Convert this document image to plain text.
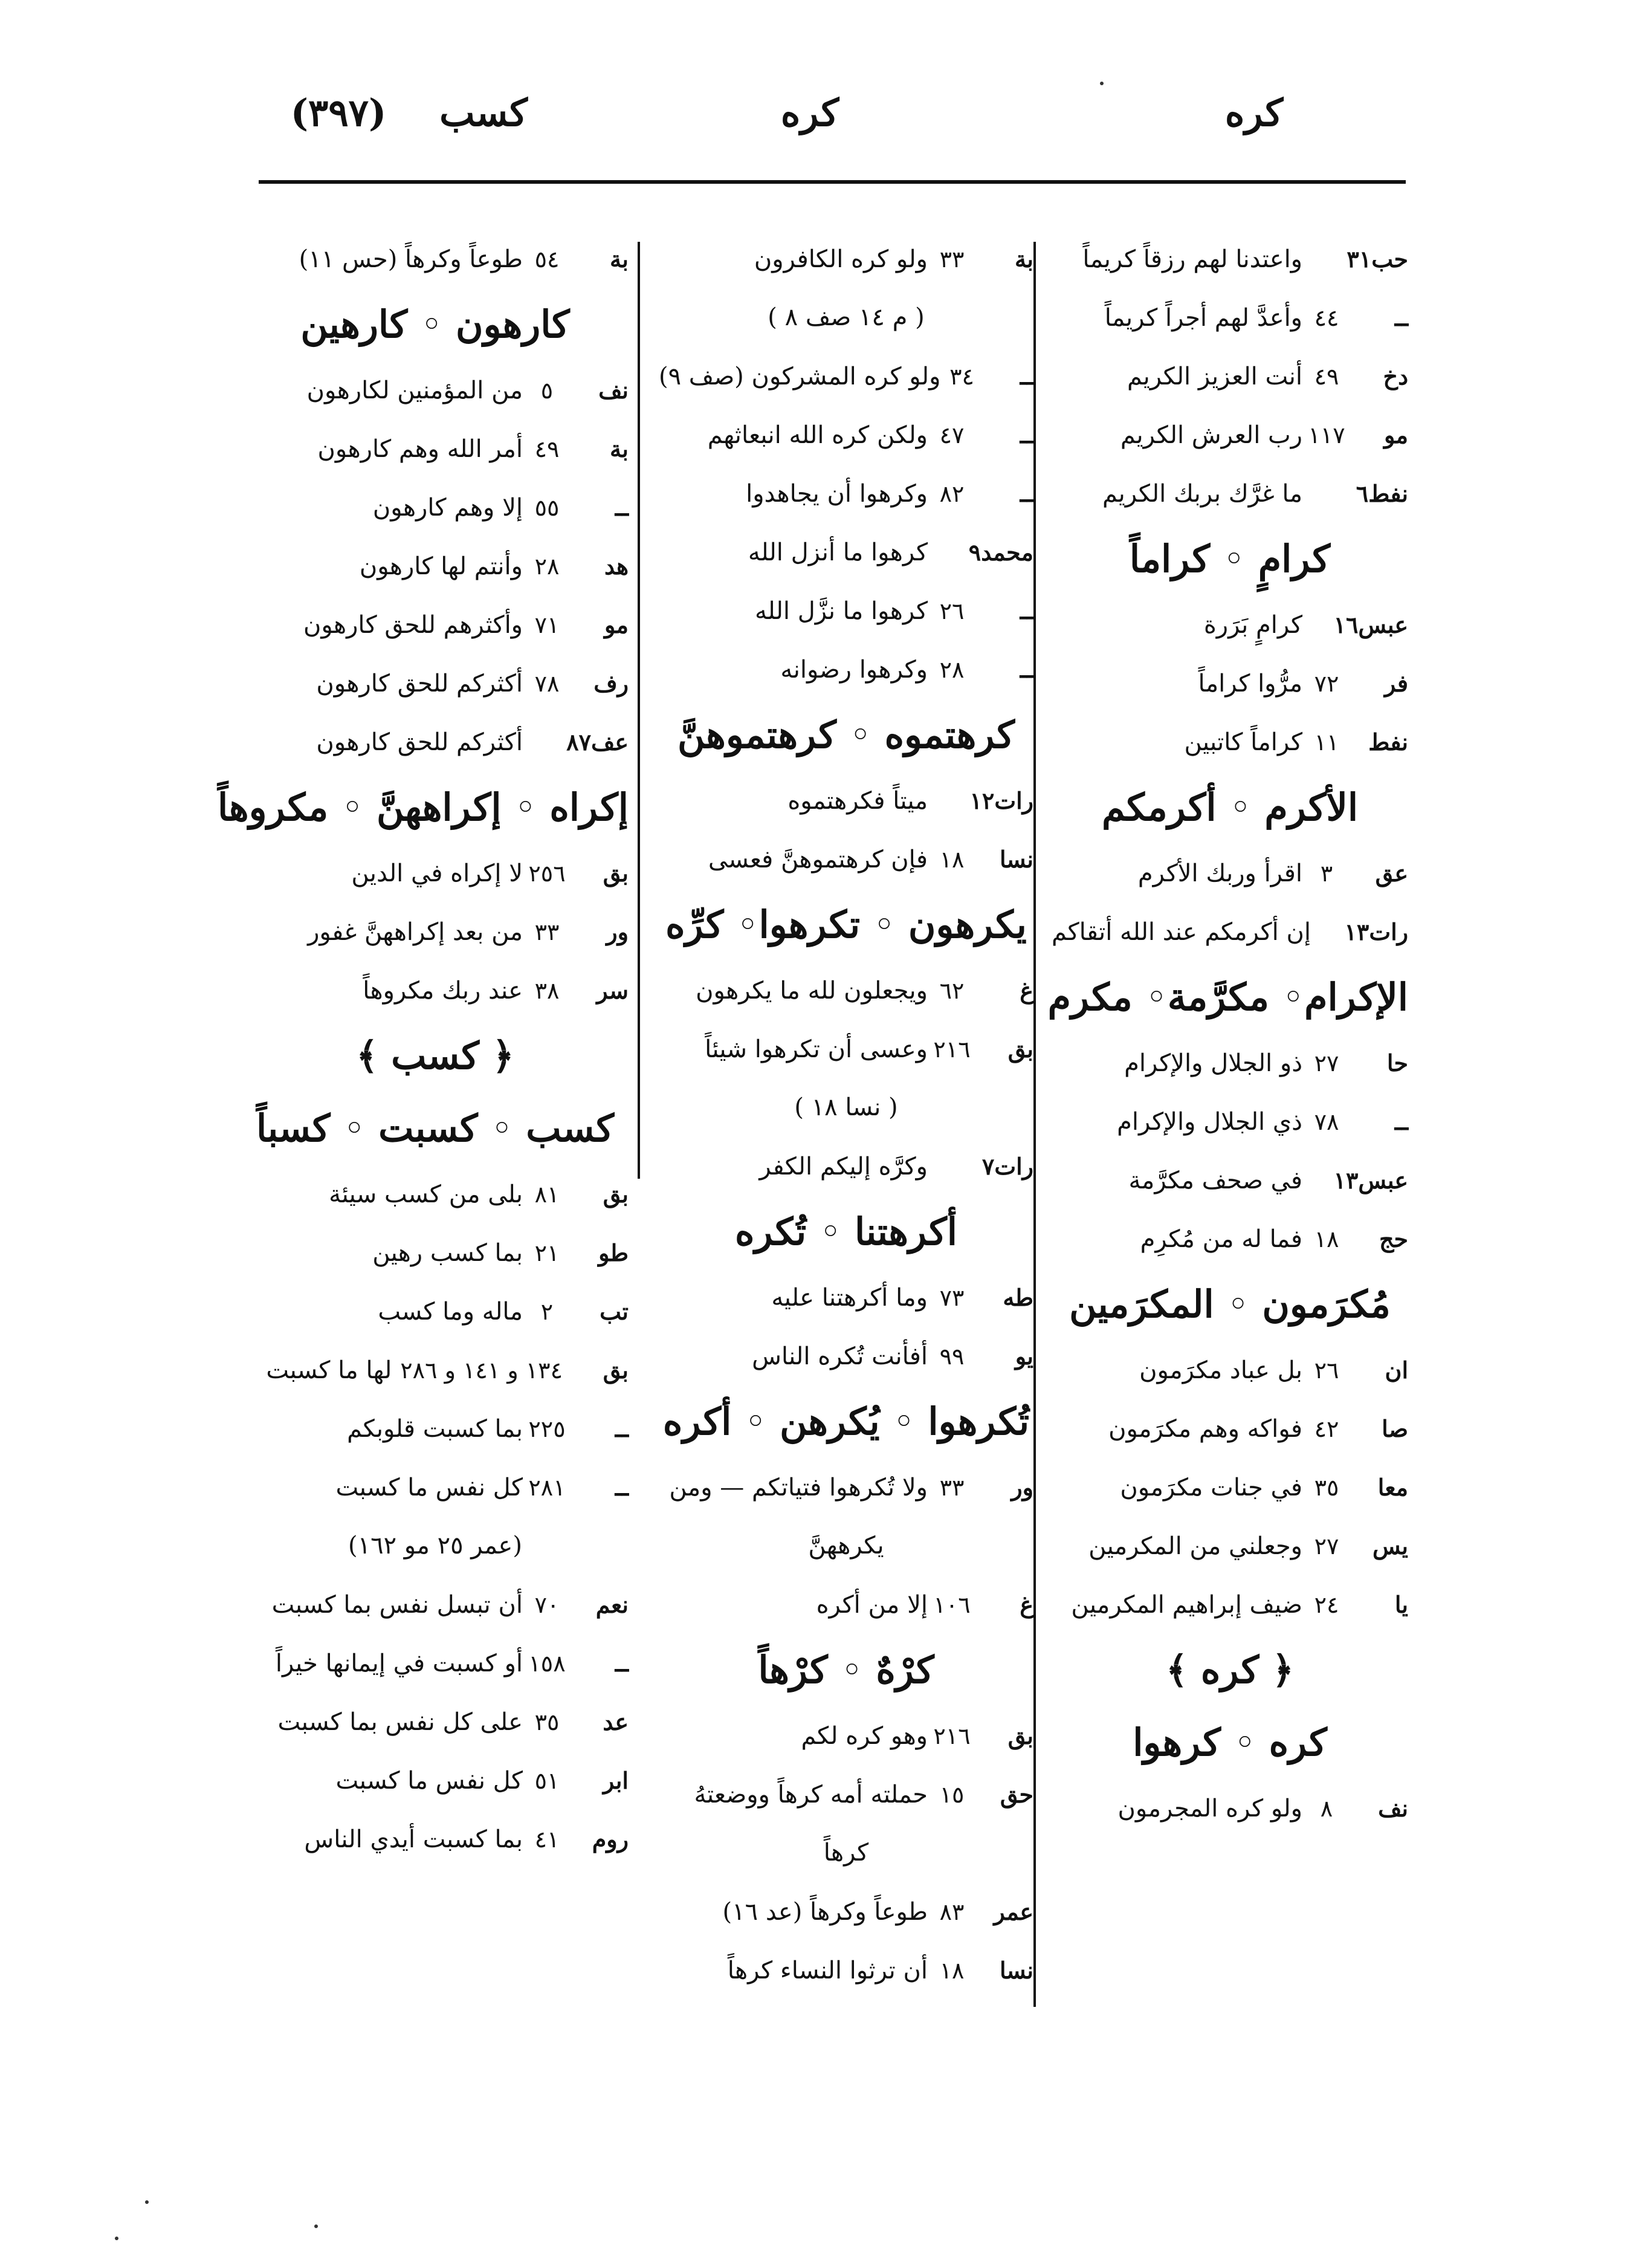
كره
كره
كسب
(٣٩٧)
حب٣١
واعتدنا لهم رزقاً كريماً
ــ
٤٤
وأعدَّ لهم أجراً كريماً
دخ
٤٩
أنت العزيز الكريم
مو
١١٧
رب العرش الكريم
نفط٦
ما غرَّك بربك الكريم
كرامٍ ◦ كراماً
عبس١٦
كرامٍ بَرَرة
فر
٧٢
مرُّوا كراماً
نفط
١١
كراماً كاتبين
الأكرم ◦ أكرمكم
عق
٣
اقرأ وربك الأكرم
رات١٣
إن أكرمكم عند الله أتقاكم
الإكرام◦ مكرَّمة◦ مكرم
حا
٢٧
ذو الجلال والإكرام
ــ
٧٨
ذي الجلال والإكرام
عبس١٣
في صحف مكرَّمة
حج
١٨
فما له من مُكرِم
مُكرَمون ◦ المكرَمين
ان
٢٦
بل عباد مكرَمون
صا
٤٢
فواكه وهم مكرَمون
معا
٣٥
في جنات مكرَمون
يس
٢٧
وجعلني من المكرمين
يا
٢٤
ضيف إبراهيم المكرمين
﴿ كره ﴾
كره ◦ كرهوا
نف
٨
ولو كره المجرمون
بة
٣٣
ولو كره الكافرون
( م ١٤ صف ٨ )
ــ
٣٤
ولو كره المشركون (صف ٩)
ــ
٤٧
ولكن كره الله انبعاثهم
ــ
٨٢
وكرهوا أن يجاهدوا
محمد٩
كرهوا ما أنزل الله
ــ
٢٦
كرهوا ما نزَّل الله
ــ
٢٨
وكرهوا رضوانه
كرهتموه ◦ كرهتموهنَّ
رات١٢
ميتاً فكرهتموه
نسا
١٨
فإن كرهتموهنَّ فعسى
يكرهون ◦ تكرهوا◦ كرِّه
غ
٦٢
ويجعلون لله ما يكرهون
بق
٢١٦
وعسى أن تكرهوا شيئاً
( نسا ١٨ )
رات٧
وكرَّه إليكم الكفر
أكرهتنا ◦ تُكره
طه
٧٣
وما أكرهتنا عليه
يو
٩٩
أفأنت تُكره الناس
تُكرهوا ◦ يُكرهن ◦ أكره
ور
٣٣
ولا تُكرهوا فتياتكم — ومن
يكرههنَّ
غ
١٠٦
إلا من أكره
كرْهٌ ◦ كرْهاً
بق
٢١٦
وهو كره لكم
حق
١٥
حملته أمه كرهاً ووضعتهُ
كرهاً
عمر
٨٣
طوعاً وكرهاً (عد ١٦)
نسا
١٨
أن ترثوا النساء كرهاً
بة
٥٤
طوعاً وكرهاً (حس ١١)
كارهون ◦ كارهين
نف
٥
من المؤمنين لكارهون
بة
٤٩
أمر الله وهم كارهون
ــ
٥٥
إلا وهم كارهون
هد
٢٨
وأنتم لها كارهون
مو
٧١
وأكثرهم للحق كارهون
رف
٧٨
أكثركم للحق كارهون
عف٨٧
أكثركم للحق كارهون
إكراه ◦ إكراههنَّ ◦ مكروهاً
بق
٢٥٦
لا إكراه في الدين
ور
٣٣
من بعد إكراههنَّ غفور
سر
٣٨
عند ربك مكروهاً
﴿ كسب ﴾
كسب ◦ كسبت ◦ كسباً
بق
٨١
بلى من كسب سيئة
طو
٢١
بما كسب رهين
تب
٢
ماله وما كسب
بق
١٣٤ و ١٤١ و ٢٨٦
لها ما كسبت
ــ
٢٢٥
بما كسبت قلوبكم
ــ
٢٨١
كل نفس ما كسبت
(عمر ٢٥ مو ١٦٢)
نعم
٧٠
أن تبسل نفس بما كسبت
ــ
١٥٨
أو كسبت في إيمانها خيراً
عد
٣٥
على كل نفس بما كسبت
ابر
٥١
كل نفس ما كسبت
روم
٤١
بما كسبت أيدي الناس
